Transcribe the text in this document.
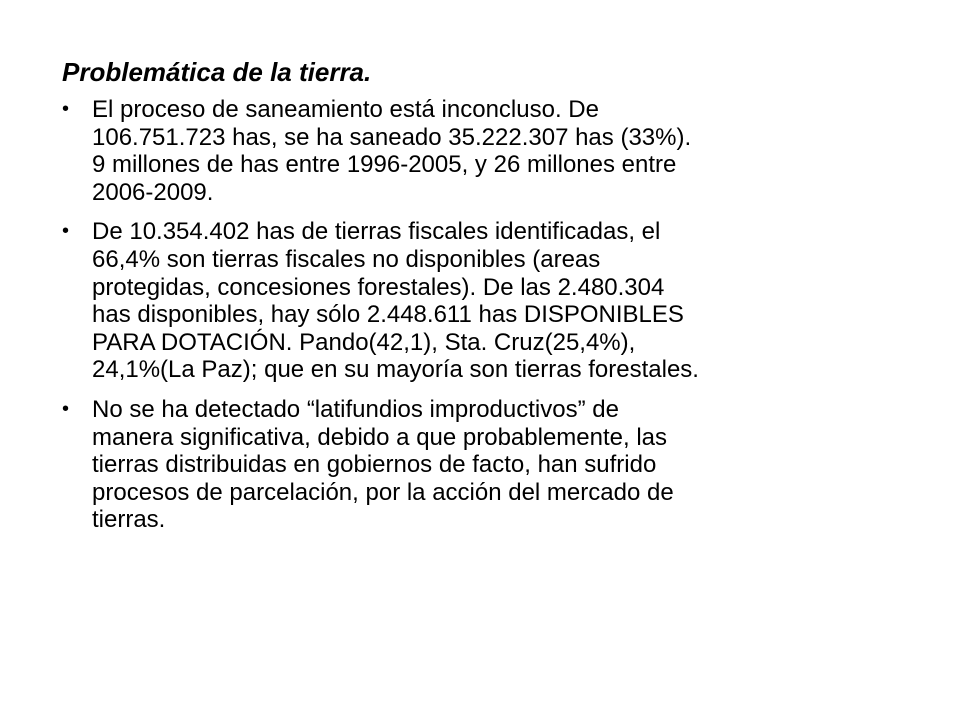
Problemática de la tierra.
• El proceso de saneamiento está inconcluso. De
106.751.723 has, se ha saneado 35.222.307 has (33%).
9 millones de has entre 1996-2005, y 26 millones entre
2006-2009.
• De 10.354.402 has de tierras fiscales identificadas, el
66,4% son tierras fiscales no disponibles (areas
protegidas, concesiones forestales). De las 2.480.304
has disponibles, hay sólo 2.448.611 has DISPONIBLES
PARA DOTACIÓN. Pando(42,1), Sta. Cruz(25,4%),
24,1%(La Paz); que en su mayoría son tierras forestales.
• No se ha detectado “latifundios improductivos” de
manera significativa, debido a que probablemente, las
tierras distribuidas en gobiernos de facto, han sufrido
procesos de parcelación, por la acción del mercado de
tierras.
